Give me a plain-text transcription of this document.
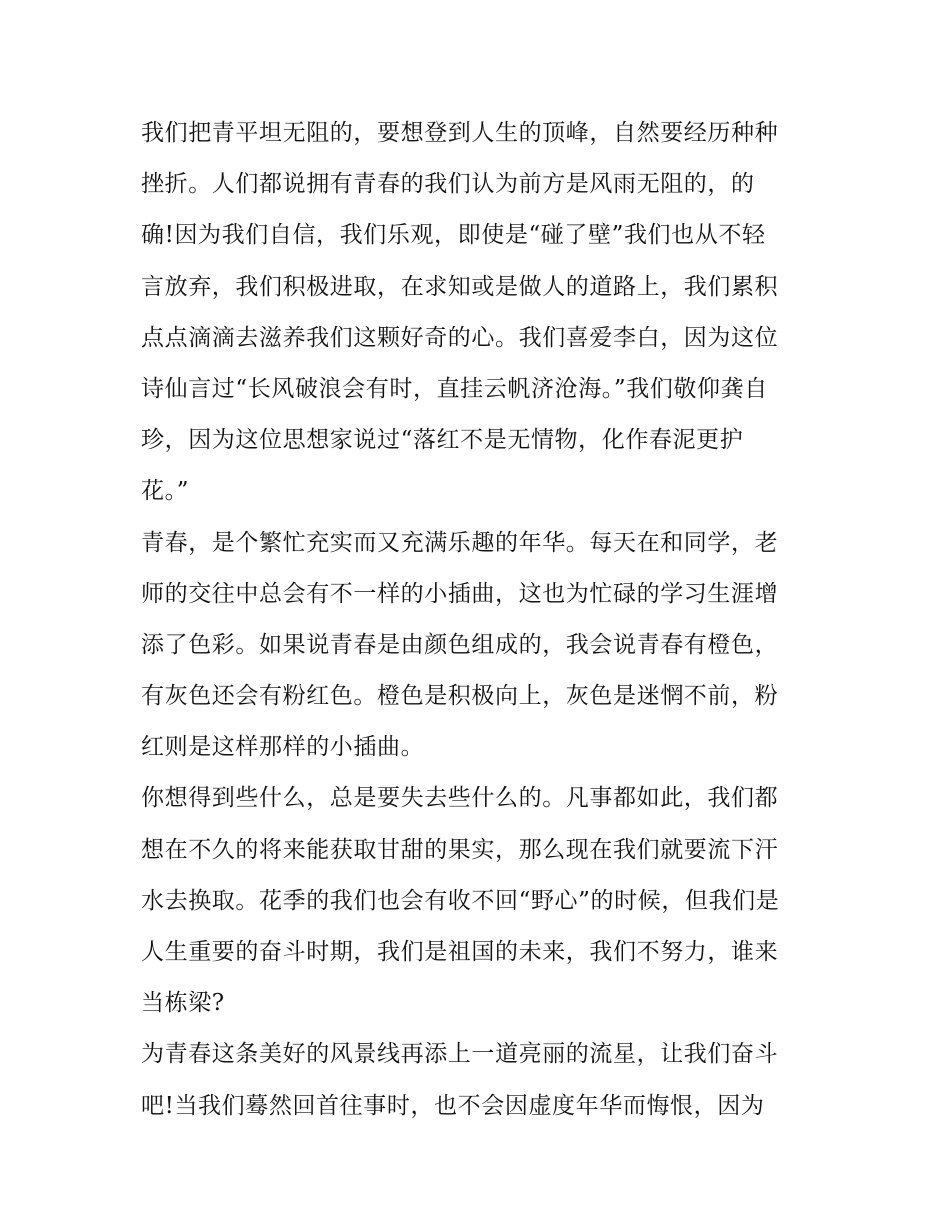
我们把青平坦无阻的，要想登到人生的顶峰，自然要经历种种
挫折。人们都说拥有青春的我们认为前方是风雨无阻的，的
确!因为我们自信，我们乐观，即使是“碰了壁”我们也从不轻
言放弃，我们积极进取，在求知或是做人的道路上，我们累积
点点滴滴去滋养我们这颗好奇的心。我们喜爱李白，因为这位
诗仙言过“长风破浪会有时，直挂云帆济沧海。”我们敬仰龚自
珍，因为这位思想家说过“落红不是无情物，化作春泥更护
花。”
青春，是个繁忙充实而又充满乐趣的年华。每天在和同学，老
师的交往中总会有不一样的小插曲，这也为忙碌的学习生涯增
添了色彩。如果说青春是由颜色组成的，我会说青春有橙色，
有灰色还会有粉红色。橙色是积极向上，灰色是迷惘不前，粉
红则是这样那样的小插曲。
你想得到些什么，总是要失去些什么的。凡事都如此，我们都
想在不久的将来能获取甘甜的果实，那么现在我们就要流下汗
水去换取。花季的我们也会有收不回“野心”的时候，但我们是
人生重要的奋斗时期，我们是祖国的未来，我们不努力，谁来
当栋梁?
为青春这条美好的风景线再添上一道亮丽的流星，让我们奋斗
吧!当我们蓦然回首往事时，也不会因虚度年华而悔恨，因为
